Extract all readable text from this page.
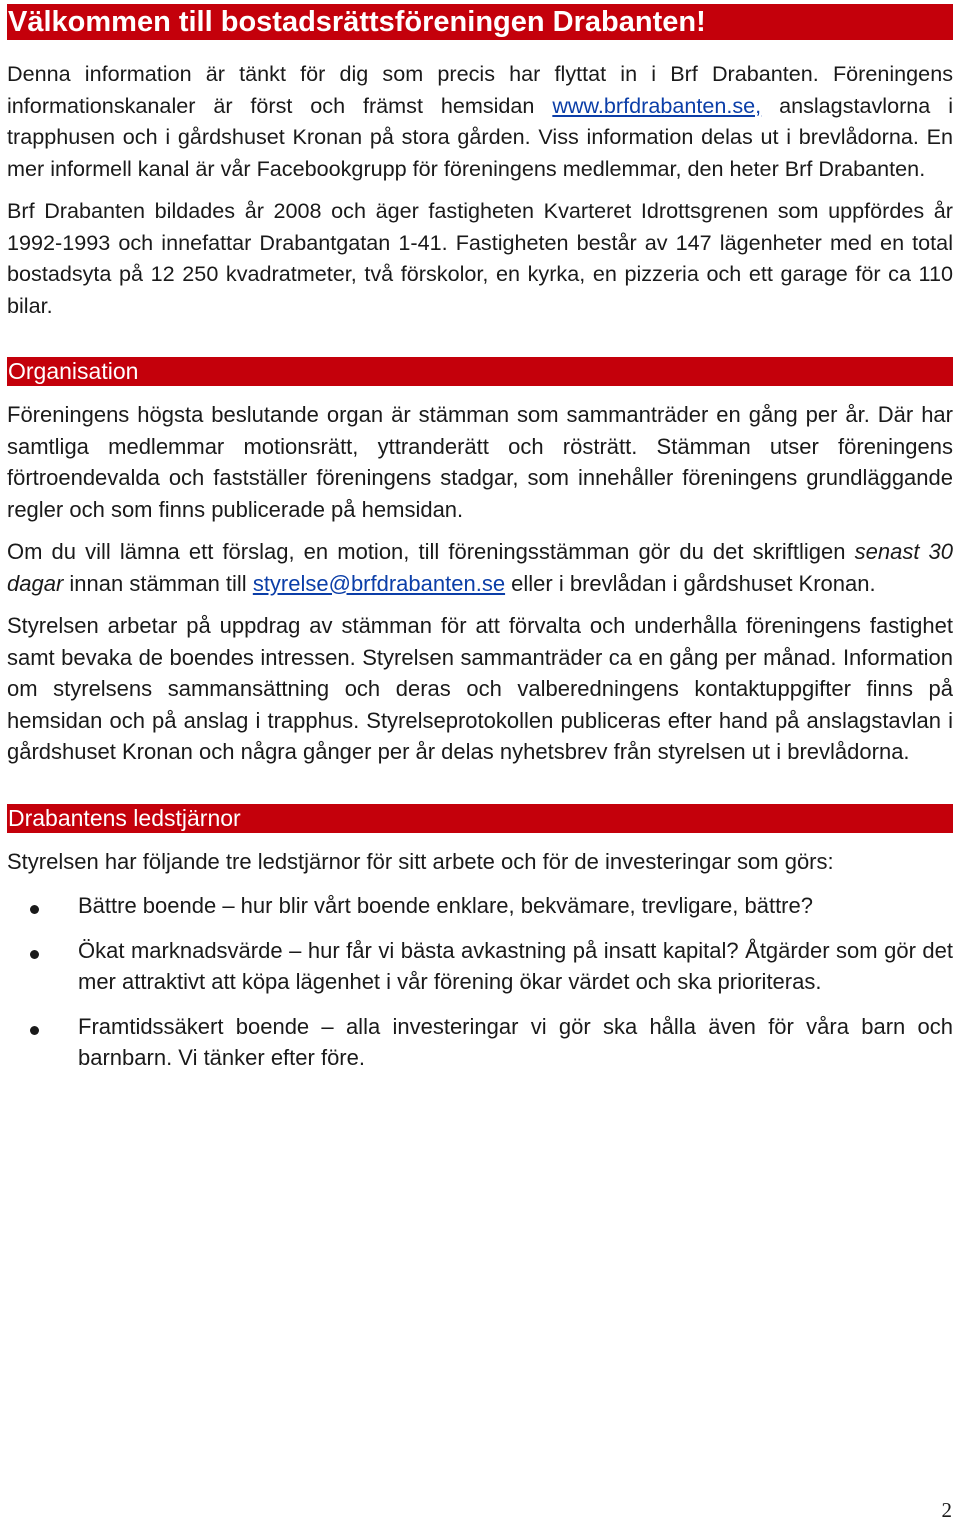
Välkommen till bostadsrättsföreningen Drabanten!

Denna information är tänkt för dig som precis har flyttat in i Brf Drabanten. Föreningens informationskanaler är först och främst hemsidan www.brfdrabanten.se, anslagstavlorna i trapphusen och i gårdshuset Kronan på stora gården. Viss information delas ut i brevlådorna. En mer informell kanal är vår Facebookgrupp för föreningens medlemmar, den heter Brf Drabanten.

Brf Drabanten bildades år 2008 och äger fastigheten Kvarteret Idrottsgrenen som uppfördes år 1992-1993 och innefattar Drabantgatan 1-41. Fastigheten består av 147 lägenheter med en total bostadsyta på 12 250 kvadratmeter, två förskolor, en kyrka, en pizzeria och ett garage för ca 110 bilar.

Organisation

Föreningens högsta beslutande organ är stämman som sammanträder en gång per år. Där har samtliga medlemmar motionsrätt, yttranderätt och rösträtt. Stämman utser föreningens förtroendevalda och fastställer föreningens stadgar, som innehåller föreningens grundläggande regler och som finns publicerade på hemsidan.

Om du vill lämna ett förslag, en motion, till föreningsstämman gör du det skriftligen senast 30 dagar innan stämman till styrelse@brfdrabanten.se eller i brevlådan i gårdshuset Kronan.

Styrelsen arbetar på uppdrag av stämman för att förvalta och underhålla föreningens fastighet samt bevaka de boendes intressen. Styrelsen sammanträder ca en gång per månad. Information om styrelsens sammansättning och deras och valberedningens kontaktuppgifter finns på hemsidan och på anslag i trapphus. Styrelseprotokollen publiceras efter hand på anslagstavlan i gårdshuset Kronan och några gånger per år delas nyhetsbrev från styrelsen ut i brevlådorna.

Drabantens ledstjärnor

Styrelsen har följande tre ledstjärnor för sitt arbete och för de investeringar som görs:

Bättre boende – hur blir vårt boende enklare, bekvämare, trevligare, bättre?

Ökat marknadsvärde – hur får vi bästa avkastning på insatt kapital? Åtgärder som gör det mer attraktivt att köpa lägenhet i vår förening ökar värdet och ska prioriteras.

Framtidssäkert boende – alla investeringar vi gör ska hålla även för våra barn och barnbarn. Vi tänker efter före.

2
